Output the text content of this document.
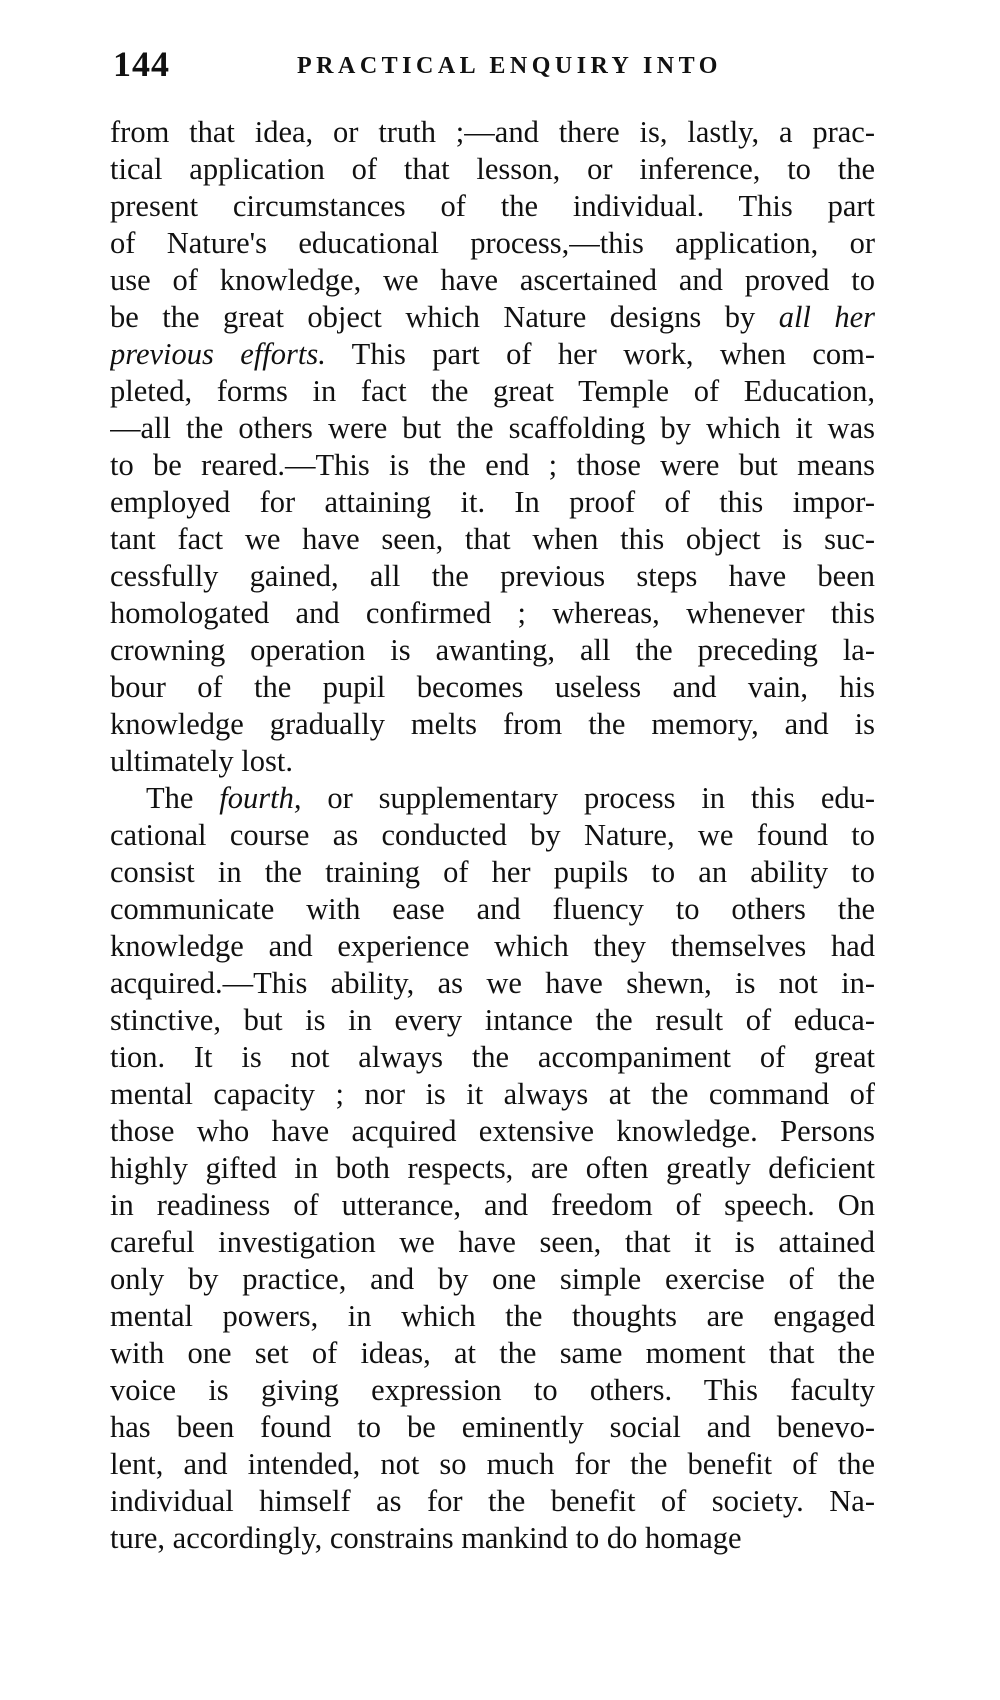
144	PRACTICAL ENQUIRY INTO
from that idea, or truth ;—and there is, lastly, a prac-
tical application of that lesson, or inference, to the
present circumstances of the individual. This part
of Nature's educational process,—this application, or
use of knowledge, we have ascertained and proved to
be the great object which Nature designs by all her
previous efforts. This part of her work, when com-
pleted, forms in fact the great Temple of Education,
—all the others were but the scaffolding by which it was
to be reared.—This is the end ; those were but means
employed for attaining it. In proof of this impor-
tant fact we have seen, that when this object is suc-
cessfully gained, all the previous steps have been
homologated and confirmed ; whereas, whenever this
crowning operation is awanting, all the preceding la-
bour of the pupil becomes useless and vain, his
knowledge gradually melts from the memory, and is
ultimately lost.
The fourth, or supplementary process in this edu-
cational course as conducted by Nature, we found to
consist in the training of her pupils to an ability to
communicate with ease and fluency to others the
knowledge and experience which they themselves had
acquired.—This ability, as we have shewn, is not in-
stinctive, but is in every intance the result of educa-
tion. It is not always the accompaniment of great
mental capacity ; nor is it always at the command of
those who have acquired extensive knowledge. Persons
highly gifted in both respects, are often greatly deficient
in readiness of utterance, and freedom of speech. On
careful investigation we have seen, that it is attained
only by practice, and by one simple exercise of the
mental powers, in which the thoughts are engaged
with one set of ideas, at the same moment that the
voice is giving expression to others. This faculty
has been found to be eminently social and benevo-
lent, and intended, not so much for the benefit of the
individual himself as for the benefit of society. Na-
ture, accordingly, constrains mankind to do homage
